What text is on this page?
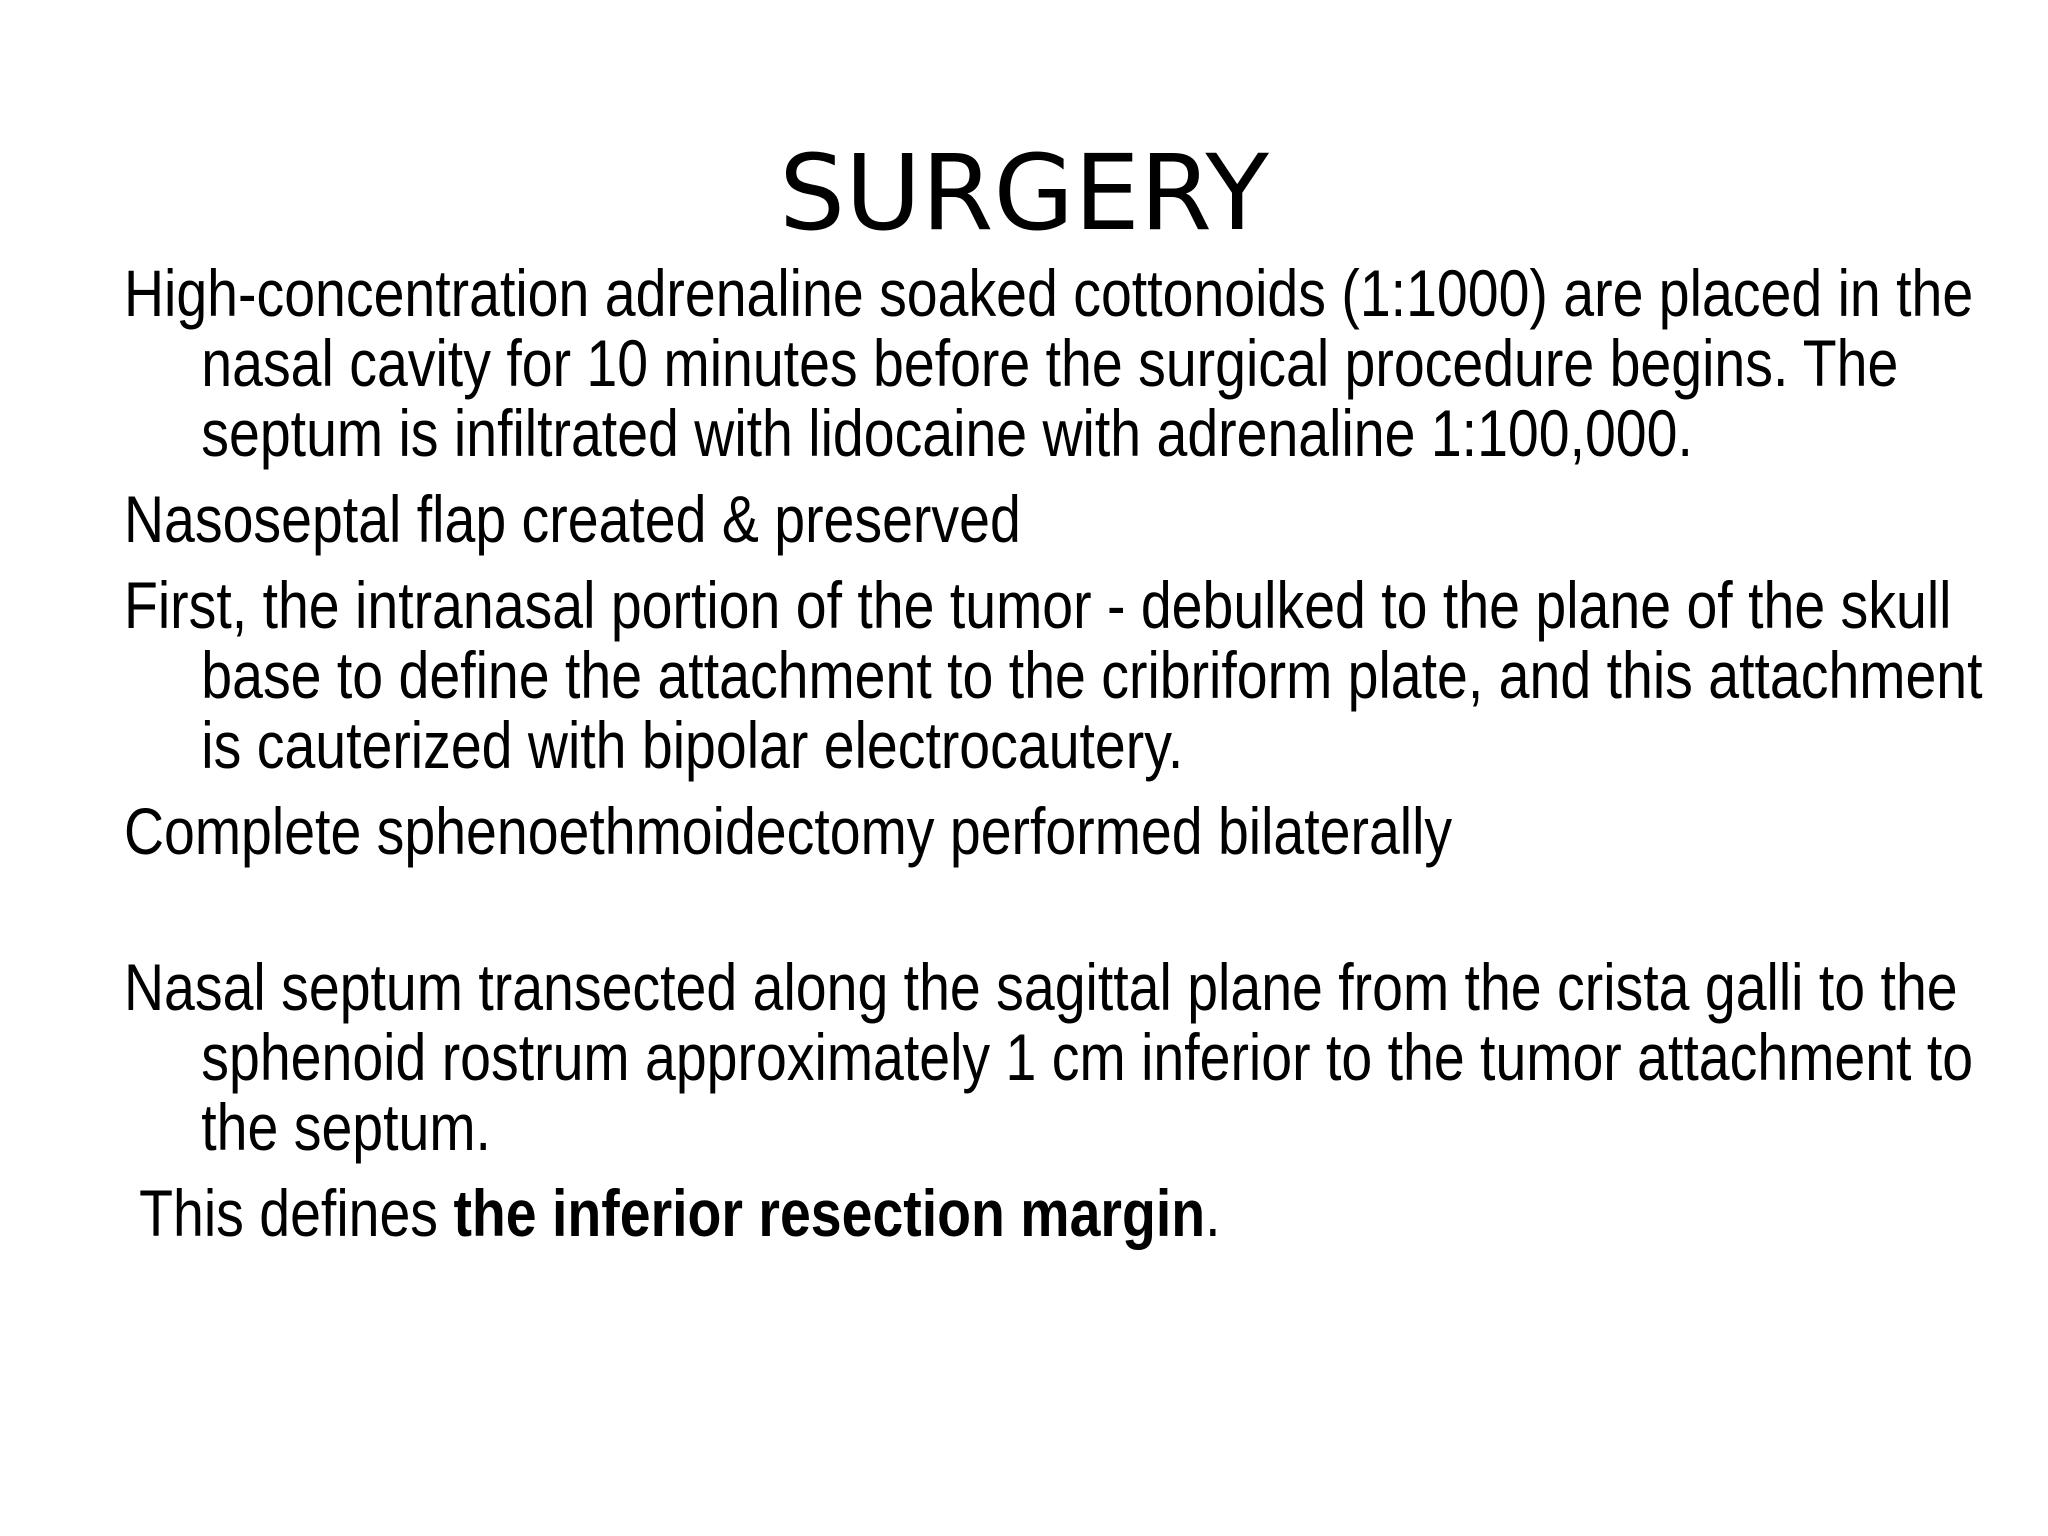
SURGERY

High-concentration adrenaline soaked cottonoids (1:1000) are placed in the nasal cavity for 10 minutes before the surgical procedure begins. The septum is infiltrated with lidocaine with adrenaline 1:100,000.

Nasoseptal flap created & preserved

First, the intranasal portion of the tumor - debulked to the plane of the skull base to define the attachment to the cribriform plate, and this attachment is cauterized with bipolar electrocautery.

Complete sphenoethmoidectomy performed bilaterally

Nasal septum transected along the sagittal plane from the crista galli to the sphenoid rostrum approximately 1 cm inferior to the tumor attachment to the septum.

This defines the inferior resection margin.
